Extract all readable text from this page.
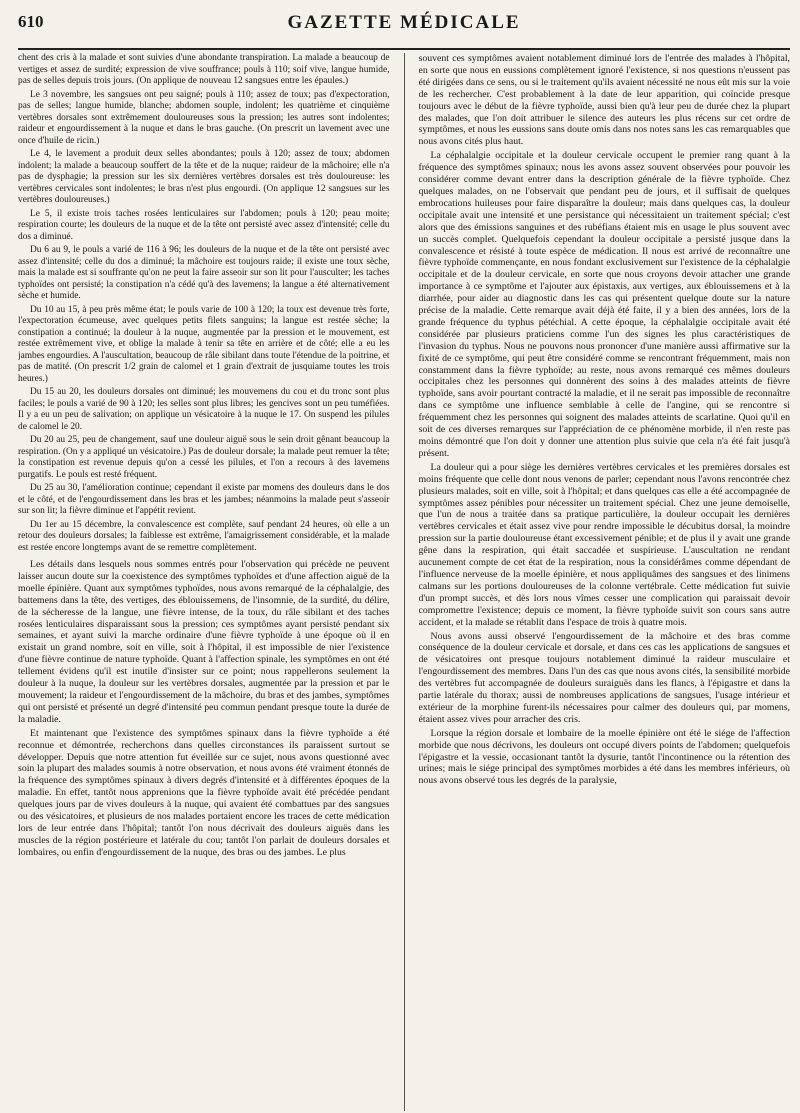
610	GAZETTE MÉDICALE

chent des cris à la malade et sont suivies d'une abondante transpiration. La malade a beaucoup de vertiges et assez de surdité; expression de vive souffrance; pouls à 110; soif vive, langue humide, pas de selles depuis trois jours. (On applique de nouveau 12 sangsues entre les épaules.)

Le 3 novembre, les sangsues ont peu saigné; pouls à 110; assez de toux; pas d'expectoration, pas de selles; langue humide, blanche; abdomen souple, indolent; les quatrième et cinquième vertèbres dorsales sont extrêmement douloureuses sous la pression; les autres sont indolentes; raideur et engourdissement à la nuque et dans le bras gauche. (On prescrit un lavement avec une once d'huile de ricin.)

Le 4, le lavement a produit deux selles abondantes; pouls à 120; assez de toux; abdomen indolent; la malade a beaucoup souffert de la tête et de la nuque; raideur de la mâchoire; elle n'a pas de dysphagie; la pression sur les six dernières vertèbres dorsales est très douloureuse: les vertèbres cervicales sont indolentes; le bras n'est plus engourdi. (On applique 12 sangsues sur les vertèbres douloureuses.)

Le 5, il existe trois taches rosées lenticulaires sur l'abdomen; pouls à 120; peau moite; respiration courte; les douleurs de la nuque et de la tête ont persisté avec assez d'intensité; celle du dos a diminué.

Du 6 au 9, le pouls a varié de 116 à 96; les douleurs de la nuque et de la tête ont persisté avec assez d'intensité; celle du dos a diminué; la mâchoire est toujours raide; il existe une toux sèche, mais la malade est si souffrante qu'on ne peut la faire asseoir sur son lit pour l'ausculter; les taches typhoïdes ont persisté; la constipation n'a cédé qu'à des lavemens; la langue a été alternativement sèche et humide.

Du 10 au 15, à peu près même état; le pouls varie de 100 à 120; la toux est devenue très forte, l'expectoration écumeuse, avec quelques petits filets sanguins; la langue est restée sèche; la constipation a continué; la douleur à la nuque, augmentée par la pression et le mouvement, est restée extrêmement vive, et oblige la malade à tenir sa tête en arrière et de côté; elle a eu les jambes engourdies. A l'auscultation, beaucoup de râle sibilant dans toute l'étendue de la poitrine, et pas de matité. (On prescrit 1/2 grain de calomel et 1 grain d'extrait de jusquiame toutes les trois heures.)

Du 15 au 20, les douleurs dorsales ont diminué; les mouvemens du cou et du tronc sont plus faciles; le pouls a varié de 90 à 120; les selles sont plus libres; les gencives sont un peu tuméfiées. Il y a eu un peu de salivation; on applique un vésicatoire à la nuque le 17. On suspend les pilules de calomel le 20.

Du 20 au 25, peu de changement, sauf une douleur aiguë sous le sein droit gênant beaucoup la respiration. (On y a appliqué un vésicatoire.) Pas de douleur dorsale; la malade peut remuer la tête; la constipation est revenue depuis qu'on a cessé les pilules, et l'on a recours à des lavemens purgatifs. Le pouls est resté fréquent.

Du 25 au 30, l'amélioration continue; cependant il existe par momens des douleurs dans le dos et le côté, et de l'engourdissement dans les bras et les jambes; néanmoins la malade peut s'asseoir sur son lit; la fièvre diminue et l'appétit revient.

Du 1er au 15 décembre, la convalescence est complète, sauf pendant 24 heures, où elle a un retour des douleurs dorsales; la faiblesse est extrême, l'amaigrissement considérable, et la malade est restée encore longtemps avant de se remettre complètement.

Les détails dans lesquels nous sommes entrés pour l'observation qui précède ne peuvent laisser aucun doute sur la coexistence des symptômes typhoïdes et d'une affection aiguë de la moelle épinière. Quant aux symptômes typhoïdes, nous avons remarqué de la céphalalgie, des battemens dans la tête, des vertiges, des éblouissemens, de l'insomnie, de la surdité, du délire, de la sécheresse de la langue, une fièvre intense, de la toux, du râle sibilant et des taches rosées lenticulaires disparaissant sous la pression; ces symptômes ayant persisté pendant six semaines, et ayant suivi la marche ordinaire d'une fièvre typhoïde à une époque où il en existait un grand nombre, soit en ville, soit à l'hôpital, il est impossible de nier l'existence d'une fièvre continue de nature typhoïde. Quant à l'affection spinale, les symptômes en ont été tellement évidens qu'il est inutile d'insister sur ce point; nous rappellerons seulement la douleur à la nuque, la douleur sur les vertèbres dorsales, augmentée par la pression et par le mouvement; la raideur et l'engourdissement de la mâchoire, du bras et des jambes, symptômes qui ont persisté et présenté un degré d'intensité peu commun pendant presque toute la durée de la maladie.

Et maintenant que l'existence des symptômes spinaux dans la fièvre typhoïde a été reconnue et démontrée, recherchons dans quelles circonstances ils paraissent surtout se développer. Depuis que notre attention fut éveillée sur ce sujet, nous avons questionné avec soin la plupart des malades soumis à notre observation, et nous avons été vraiment étonnés de la fréquence des symptômes spinaux à divers degrés d'intensité et à différentes époques de la maladie. En effet, tantôt nous apprenions que la fièvre typhoïde avait été précédée pendant quelques jours par de vives douleurs à la nuque, qui avaient été combattues par des sangsues ou des vésicatoires, et plusieurs de nos malades portaient encore les traces de cette médication lors de leur entrée dans l'hôpital; tantôt l'on nous décrivait des douleurs aiguës dans les muscles de la région postérieure et latérale du cou; tantôt l'on parlait de douleurs dorsales et lombaires, ou enfin d'engourdissement de la nuque, des bras ou des jambes. Le plus

souvent ces symptômes avaient notablement diminué lors de l'entrée des malades à l'hôpital, en sorte que nous en eussions complètement ignoré l'existence, si nos questions n'eussent pas été dirigées dans ce sens, ou si le traitement qu'ils avaient nécessité ne nous eût mis sur la voie de les rechercher. C'est probablement à la date de leur apparition, qui coïncide presque toujours avec le début de la fièvre typhoïde, aussi bien qu'à leur peu de durée chez la plupart des malades, que l'on doit attribuer le silence des auteurs les plus récens sur cet ordre de symptômes, et nous les eussions sans doute omis dans nos notes sans les cas remarquables que nous avons cités plus haut.

La céphalalgie occipitale et la douleur cervicale occupent le premier rang quant à la fréquence des symptômes spinaux; nous les avons assez souvent observées pour pouvoir les considérer comme devant entrer dans la description générale de la fièvre typhoïde. Chez quelques malades, on ne l'observait que pendant peu de jours, et il suffisait de quelques embrocations huileuses pour faire disparaître la douleur; mais dans quelques cas, la douleur occipitale avait une intensité et une persistance qui nécessitaient un traitement spécial; c'est alors que des émissions sanguines et des rubéfians étaient mis en usage le plus souvent avec un succès complet. Quelquefois cependant la douleur occipitale a persisté jusque dans la convalescence et résisté à toute espèce de médication. Il nous est arrivé de reconnaître une fièvre typhoïde commençante, en nous fondant exclusivement sur l'existence de la céphalalgie occipitale et de la douleur cervicale, en sorte que nous croyons devoir attacher une grande importance à ce symptôme et l'ajouter aux épistaxis, aux vertiges, aux éblouissemens et à la diarrhée, pour aider au diagnostic dans les cas qui présentent quelque doute sur la nature précise de la maladie. Cette remarque avait déjà été faite, il y a bien des années, lors de la grande fréquence du typhus pétéchial. A cette époque, la céphalalgie occipitale avait été considérée par plusieurs praticiens comme l'un des signes les plus caractéristiques de l'invasion du typhus. Nous ne pouvons nous prononcer d'une manière aussi affirmative sur la fixité de ce symptôme, qui peut être considéré comme se rencontrant fréquemment, mais non constamment dans la fièvre typhoïde; au reste, nous avons remarqué ces mêmes douleurs occipitales chez les personnes qui donnèrent des soins à des malades atteints de fièvre typhoïde, sans avoir pourtant contracté la maladie, et il ne serait pas impossible de reconnaître dans ce symptôme une influence semblable à celle de l'angine, qui se rencontre si fréquemment chez les personnes qui soignent des malades atteints de scarlatine. Quoi qu'il en soit de ces diverses remarques sur l'appréciation de ce phénomène morbide, il n'en reste pas moins démontré que l'on doit y donner une attention plus suivie que cela n'a été fait jusqu'à présent.

La douleur qui a pour siège les dernières vertèbres cervicales et les premières dorsales est moins fréquente que celle dont nous venons de parler; cependant nous l'avons rencontrée chez plusieurs malades, soit en ville, soit à l'hôpital; et dans quelques cas elle a été accompagnée de symptômes assez pénibles pour nécessiter un traitement spécial. Chez une jeune demoiselle, que l'un de nous a traitée dans sa pratique particulière, la douleur occupait les dernières vertèbres cervicales et était assez vive pour rendre impossible le décubitus dorsal, la moindre pression sur la partie douloureuse étant excessivement pénible; et de plus il y avait une grande gêne dans la respiration, qui était saccadée et suspirieuse. L'auscultation ne rendant aucunement compte de cet état de la respiration, nous la considérâmes comme dépendant de l'influence nerveuse de la moelle épinière, et nous appliquâmes des sangsues et des linimens calmans sur les portions douloureuses de la colonne vertébrale. Cette médication fut suivie d'un prompt succès, et dès lors nous vîmes cesser une complication qui paraissait devoir compromettre l'existence; depuis ce moment, la fièvre typhoïde suivit son cours sans autre accident, et la malade se rétablit dans l'espace de trois à quatre mois.

Nous avons aussi observé l'engourdissement de la mâchoire et des bras comme conséquence de la douleur cervicale et dorsale, et dans ces cas les applications de sangsues et de vésicatoires ont presque toujours notablement diminué la raideur musculaire et l'engourdissement des membres. Dans l'un des cas que nous avons cités, la sensibilité morbide des vertèbres fut accompagnée de douleurs suraiguës dans les flancs, à l'épigastre et dans la partie latérale du thorax; aussi de nombreuses applications de sangsues, l'usage intérieur et extérieur de la morphine furent-ils nécessaires pour calmer des douleurs qui, par momens, étaient assez vives pour arracher des cris.

Lorsque la région dorsale et lombaire de la moelle épinière ont été le siége de l'affection morbide que nous décrivons, les douleurs ont occupé divers points de l'abdomen; quelquefois l'épigastre et la vessie, occasionant tantôt la dysurie, tantôt l'incontinence ou la rétention des urines; mais le siége principal des symptômes morbides a été dans les membres inférieurs, où nous avons observé tous les degrés de la paralysie,
